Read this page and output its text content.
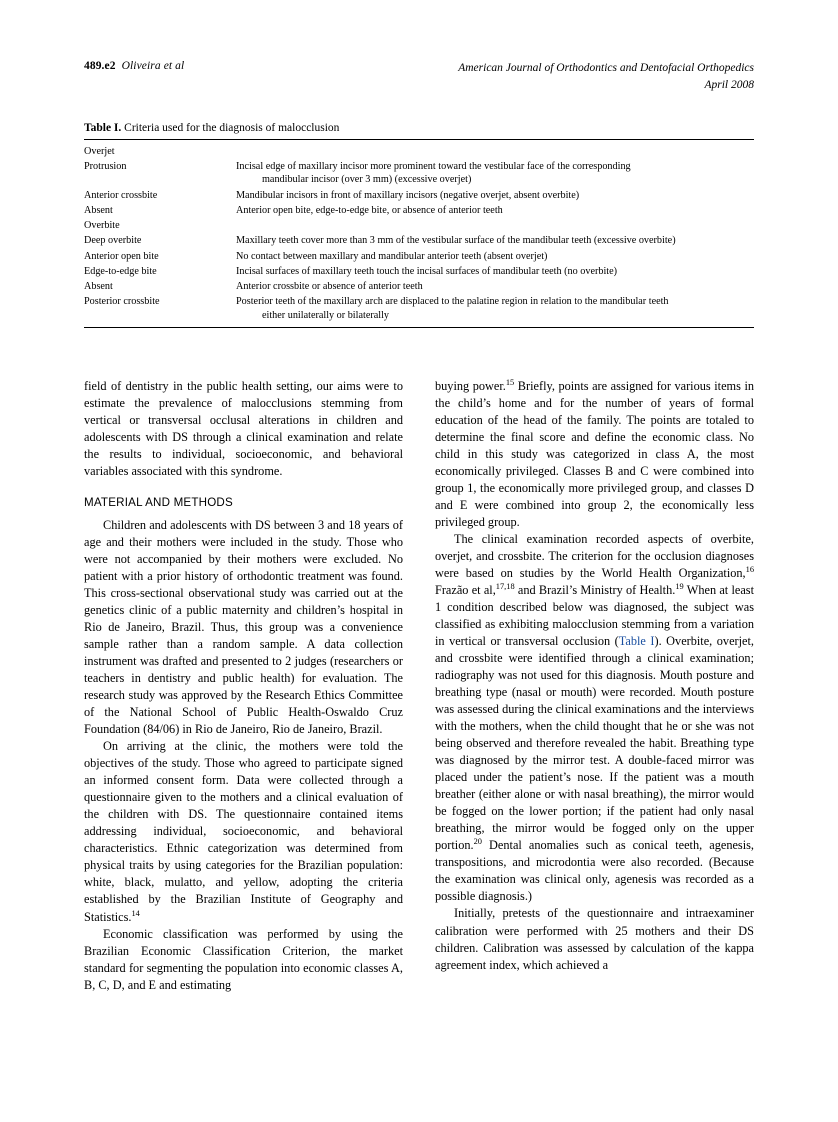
489.e2 Oliveira et al	American Journal of Orthodontics and Dentofacial Orthopedics
April 2008
Table I. Criteria used for the diagnosis of malocclusion

Overjet	
Protrusion	Incisal edge of maxillary incisor more prominent toward the vestibular face of the corresponding
mandibular incisor (over 3 mm) (excessive overjet)

Anterior crossbite	Mandibular incisors in front of maxillary incisors (negative overjet, absent overbite)
Absent	Anterior open bite, edge-to-edge bite, or absence of anterior teeth
Overbite	
Deep overbite	Maxillary teeth cover more than 3 mm of the vestibular surface of the mandibular teeth (excessive overbite)
Anterior open bite	No contact between maxillary and mandibular anterior teeth (absent overjet)
Edge-to-edge bite	Incisal surfaces of maxillary teeth touch the incisal surfaces of mandibular teeth (no overbite)
Absent	Anterior crossbite or absence of anterior teeth
Posterior crossbite	Posterior teeth of the maxillary arch are displaced to the palatine region in relation to the mandibular teeth
either unilaterally or bilaterally

field of dentistry in the public health setting, our aims were to estimate the prevalence of malocclusions stemming from vertical or transversal occlusal alterations in children and adolescents with DS through a clinical examination and relate the results to individual, socioeconomic, and behavioral variables associated with this syndrome.

MATERIAL AND METHODS

Children and adolescents with DS between 3 and 18 years of age and their mothers were included in the study. Those who were not accompanied by their mothers were excluded. No patient with a prior history of orthodontic treatment was found. This cross-sectional observational study was carried out at the genetics clinic of a public maternity and children’s hospital in Rio de Janeiro, Brazil. Thus, this group was a convenience sample rather than a random sample. A data collection instrument was drafted and presented to 2 judges (researchers or teachers in dentistry and public health) for evaluation. The research study was approved by the Research Ethics Committee of the National School of Public Health-Oswaldo Cruz Foundation (84/06) in Rio de Janeiro, Rio de Janeiro, Brazil.

On arriving at the clinic, the mothers were told the objectives of the study. Those who agreed to participate signed an informed consent form. Data were collected through a questionnaire given to the mothers and a clinical evaluation of the children with DS. The questionnaire contained items addressing individual, socioeconomic, and behavioral characteristics. Ethnic categorization was determined from physical traits by using categories for the Brazilian population: white, black, mulatto, and yellow, adopting the criteria established by the Brazilian Institute of Geography and Statistics.$^{14}$

Economic classification was performed by using the Brazilian Economic Classification Criterion, the market standard for segmenting the population into economic classes A, B, C, D, and E and estimating

buying power.$^{15}$ Briefly, points are assigned for various items in the child’s home and for the number of years of formal education of the head of the family. The points are totaled to determine the final score and define the economic class. No child in this study was categorized in class A, the most economically privileged. Classes B and C were combined into group 1, the economically more privileged group, and classes D and E were combined into group 2, the economically less privileged group.

The clinical examination recorded aspects of overbite, overjet, and crossbite. The criterion for the occlusion diagnoses were based on studies by the World Health Organization,$^{16}$ Frazão et al,$^{17,18}$ and Brazil’s Ministry of Health.$^{19}$ When at least 1 condition described below was diagnosed, the subject was classified as exhibiting malocclusion stemming from a variation in vertical or transversal occlusion (Table I). Overbite, overjet, and crossbite were identified through a clinical examination; radiography was not used for this diagnosis. Mouth posture and breathing type (nasal or mouth) were recorded. Mouth posture was assessed during the clinical examinations and the interviews with the mothers, when the child thought that he or she was not being observed and therefore revealed the habit. Breathing type was diagnosed by the mirror test. A double-faced mirror was placed under the patient’s nose. If the patient was a mouth breather (either alone or with nasal breathing), the mirror would be fogged on the lower portion; if the patient had only nasal breathing, the mirror would be fogged only on the upper portion.$^{20}$ Dental anomalies such as conical teeth, agenesis, transpositions, and microdontia were also recorded. (Because the examination was clinical only, agenesis was recorded as a possible diagnosis.)

Initially, pretests of the questionnaire and intraexaminer calibration were performed with 25 mothers and their DS children. Calibration was assessed by calculation of the kappa agreement index, which achieved a
